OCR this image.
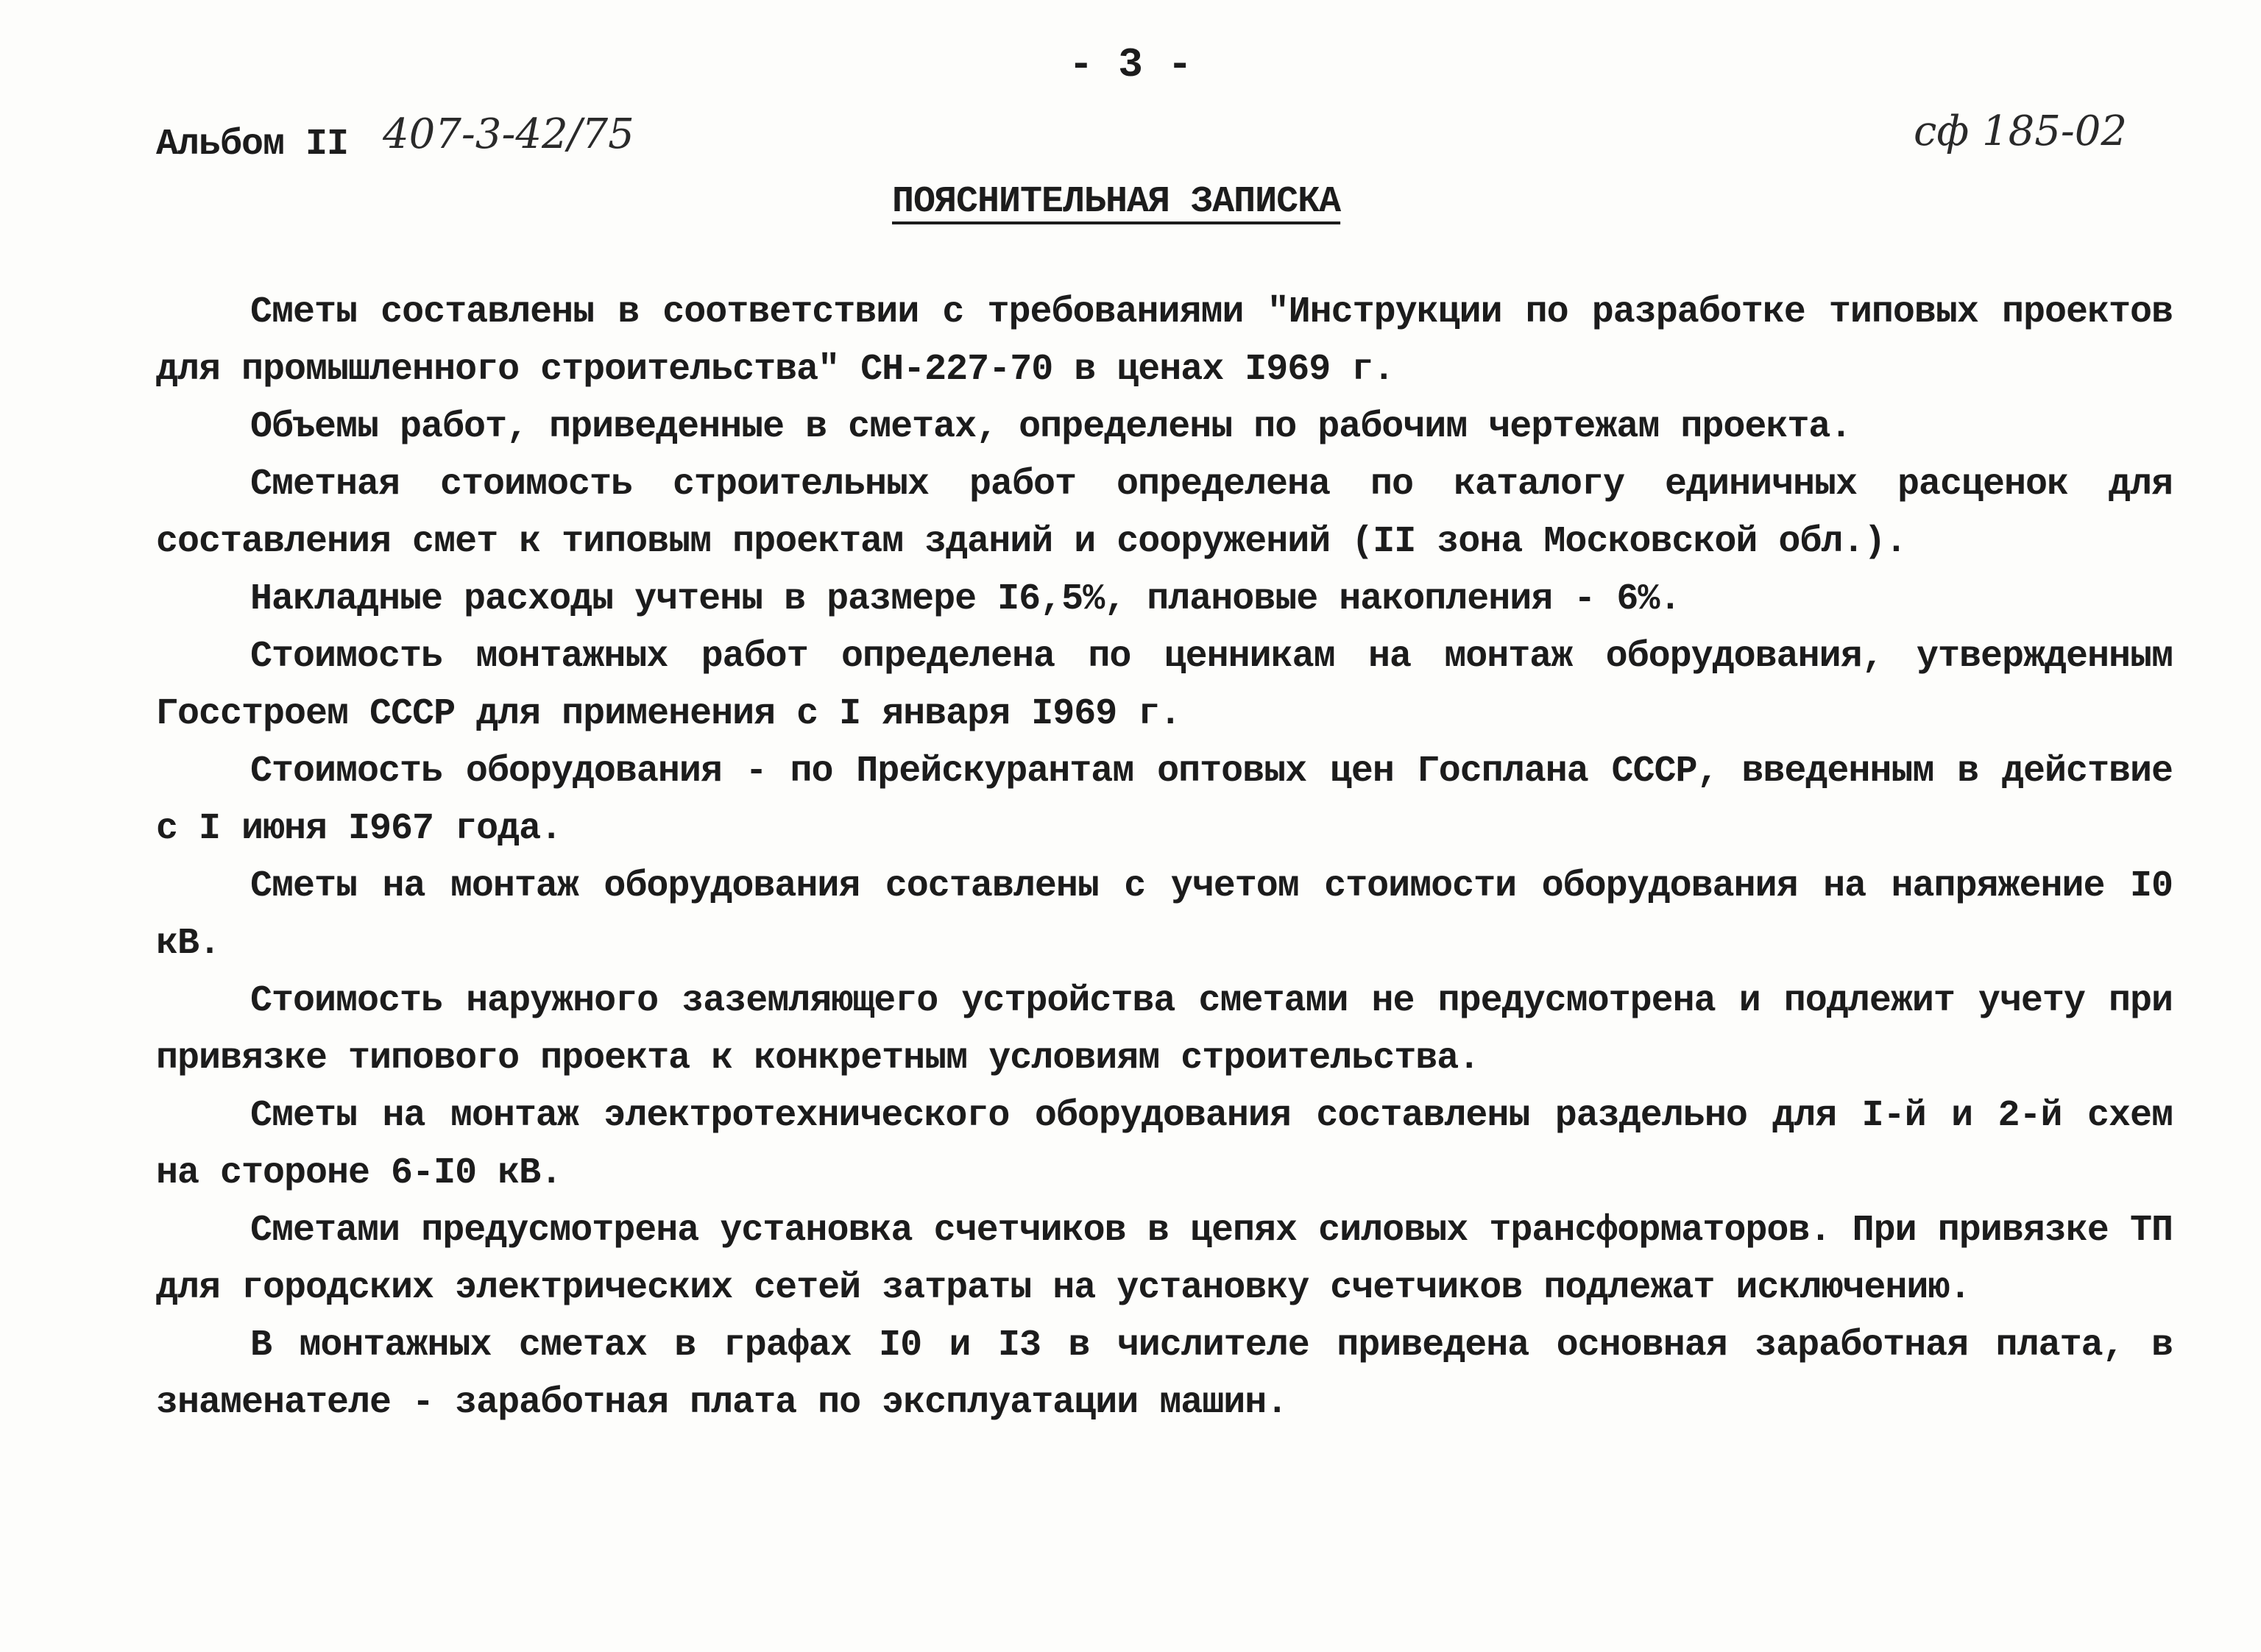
- 3 -
Альбом II 407-3-42/75	сф 185-02
ПОЯСНИТЕЛЬНАЯ ЗАПИСКА

Сметы составлены в соответствии с требованиями "Инструкции по разработке типовых проектов для промышленного строительства" СН-227-70 в ценах I969 г.

Объемы работ, приведенные в сметах, определены по рабочим чертежам проекта.

Сметная стоимость строительных работ определена по каталогу единичных расценок для составления смет к типовым проектам зданий и сооружений (II зона Московской обл.).

Накладные расходы учтены в размере I6,5%, плановые накопления - 6%.

Стоимость монтажных работ определена по ценникам на монтаж оборудования, утвержденным Госстроем СССР для применения с I января I969 г.

Стоимость оборудования - по Прейскурантам оптовых цен Госплана СССР, введенным в действие с I июня I967 года.

Сметы на монтаж оборудования составлены с учетом стоимости оборудования на напряжение I0 кВ.

Стоимость наружного заземляющего устройства сметами не предусмотрена и подлежит учету при привязке типового проекта к конкретным условиям строительства.

Сметы на монтаж электротехнического оборудования составлены раздельно для I-й и 2-й схем на стороне 6-I0 кВ.

Сметами предусмотрена установка счетчиков в цепях силовых трансформаторов. При привязке ТП для городских электрических сетей затраты на установку счетчиков подлежат исключению.

В монтажных сметах в графах I0 и I3 в числителе приведена основная заработная плата, в знаменателе - заработная плата по эксплуатации машин.
